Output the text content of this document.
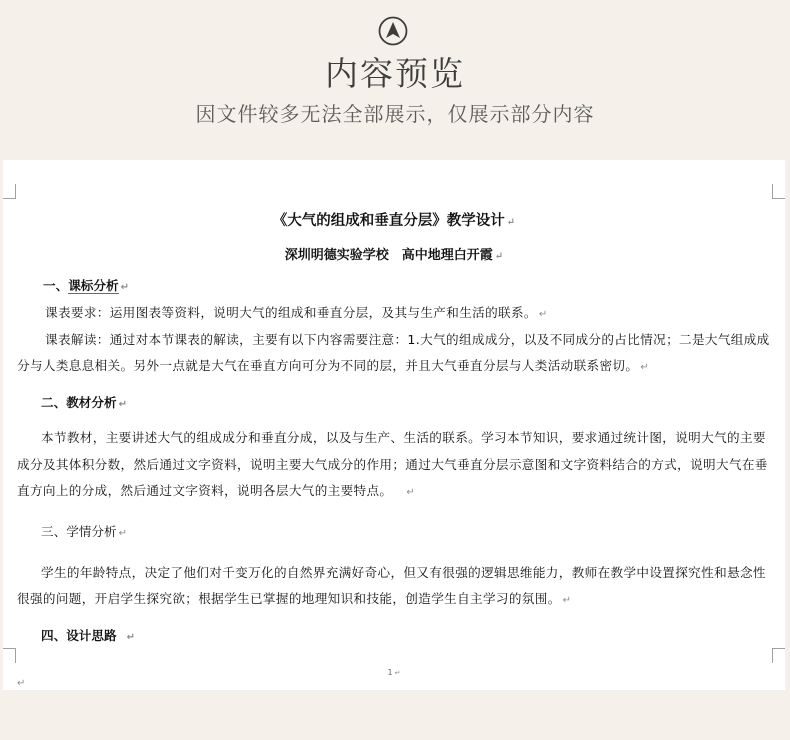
内容预览
因文件较多无法全部展示，仅展示部分内容
《大气的组成和垂直分层》教学设计 ↵
深圳明德实验学校　高中地理白开霞 ↵
一、课标分析 ↵
课表要求：运用图表等资料，说明大气的组成和垂直分层，及其与生产和生活的联系。 ↵
课表解读：通过对本节课表的解读，主要有以下内容需要注意：1.大气的组成成分，以及不同成分的占比情况；二是大气组成成
分与人类息息相关。另外一点就是大气在垂直方向可分为不同的层，并且大气垂直分层与人类活动联系密切。 ↵
二、教材分析 ↵
本节教材，主要讲述大气的组成成分和垂直分成，以及与生产、生活的联系。学习本节知识，要求通过统计图，说明大气的主要
成分及其体积分数，然后通过文字资料，说明主要大气成分的作用；通过大气垂直分层示意图和文字资料结合的方式，说明大气在垂
直方向上的分成，然后通过文字资料，说明各层大气的主要特点。 ↵
三、学情分析 ↵
学生的年龄特点，决定了他们对千变万化的自然界充满好奇心，但又有很强的逻辑思维能力，教师在教学中设置探究性和悬念性
很强的问题，开启学生探究欲；根据学生已掌握的地理知识和技能，创造学生自主学习的氛围。 ↵
四、设计思路 ↵
1 ↵
↵
